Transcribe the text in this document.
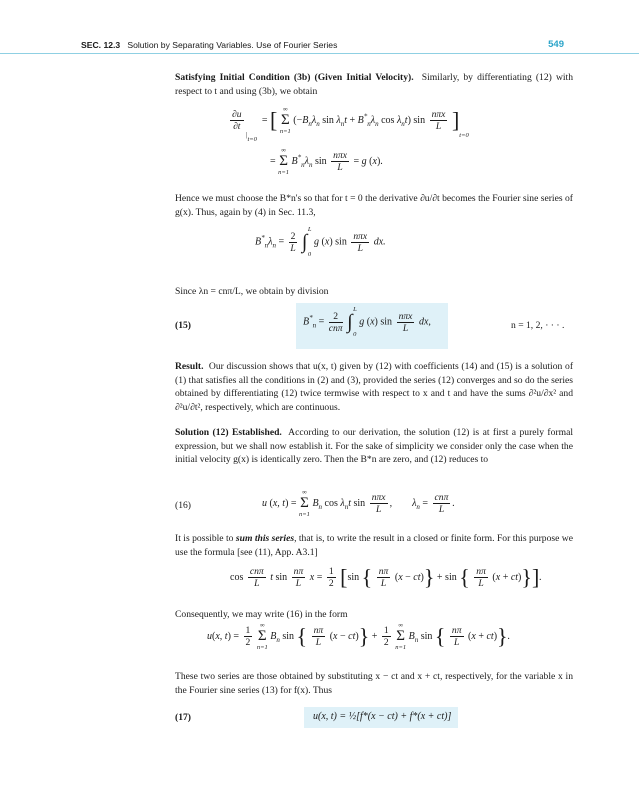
SEC. 12.3 Solution by Separating Variables. Use of Fourier Series	549
Satisfying Initial Condition (3b) (Given Initial Velocity). Similarly, by differentiating (12) with respect to t and using (3b), we obtain
$\frac{\partial u}{\partial t}$
$_{|t=0}$  = [ ∞
Σ
n=1
($-B_n\lambda_n$ $\sin \lambda_nt + B^*_n\lambda_n$ $\cos \lambda_nt$) $\sin \frac{\text{nπx}}{L} ]_{t=0}$
=
∞
Σ
n=1
$B^*_n\lambda_n$ $\sin \frac{\text{nπx}}{L} = g$ (x).
Hence we must choose the B*n's so that for t = 0 the derivative ∂u/∂t becomes the Fourier sine series of g(x). Thus, again by (4) in Sec. 11.3,
$B^*_n\lambda_n = \frac{2}{L}$

L
∫
0
g (x) $\sin \frac{\text{nπx}}{L}$ dx.
Since λn = cnπ/L, we obtain by division
(15)	$B^*_n = \frac{2}{\text{cnπ}}$

L
∫
0
g (x) $\sin \frac{\text{nπx}}{L}$ dx,	n = 1, 2, · · · .
Result. Our discussion shows that u(x, t) given by (12) with coefficients (14) and (15) is a solution of (1) that satisfies all the conditions in (2) and (3), provided the series (12) converges and so do the series obtained by differentiating (12) twice termwise with respect to x and t and have the sums ∂²u/∂x² and ∂²u/∂t², respectively, which are continuous.
Solution (12) Established. According to our derivation, the solution (12) is at first a purely formal expression, but we shall now establish it. For the sake of simplicity we consider only the case when the initial velocity g(x) is identically zero. Then the B*n are zero, and (12) reduces to
(16)	u (x, t) =
∞
Σ
n=1
$B_n$ $\cos \lambda_nt$ $\sin \frac{\text{nπx}}{L}$ ,        $\lambda_n = \frac{\text{cnπ}}{L}$ .
It is possible to sum this series, that is, to write the result in a closed or finite form. For this purpose we use the formula [see (11), App. A3.1]
$\cos \frac{\text{cnπ}}{L}$ t $\sin \frac{n\pi}{L}$ $x = \frac{1}{2} [\sin$ { $\frac{n\pi}{L} (x - ct)\} + \sin$ { $\frac{n\pi}{L} (x + ct)$}].
Consequently, we may write (16) in the form
u(x, $t) = \frac{1}{2}$
	∞
Σ
n=1
$B_n$ sin { $\frac{n\pi}{L} (x - ct)\} + \frac{1}{2}$
	∞
Σ
n=1
$B_n$ sin { $\frac{n\pi}{L} (x + ct)$}.
These two series are those obtained by substituting x − ct and x + ct, respectively, for the variable x in the Fourier sine series (13) for f(x). Thus
(17)	u(x, t) = ½[f*(x − ct) + f*(x + ct)]
